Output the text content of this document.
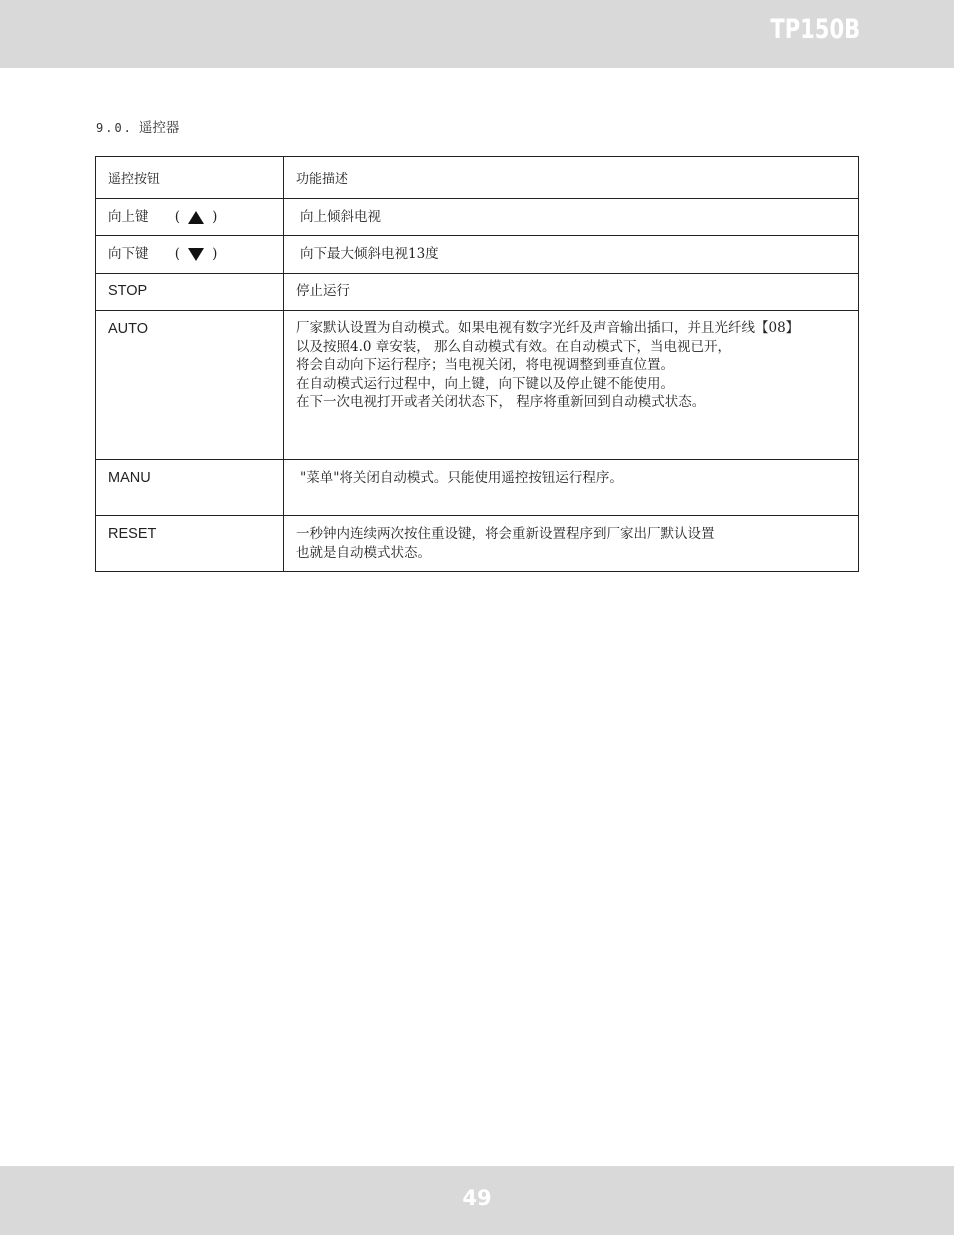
TP150B
9.0. 遥控器
遥控按钮	功能描述

向上键 ( )	向上倾斜电视

向下键 ( )	向下最大倾斜电视13度

STOP	停止运行

AUTO	厂家默认设置为自动模式。如果电视有数字光纤及声音输出插口，并且光纤线【08】
以及按照4.0 章安装， 那么自动模式有效。在自动模式下，当电视已开，
将会自动向下运行程序；当电视关闭，将电视调整到垂直位置。
在自动模式运行过程中，向上键，向下键以及停止键不能使用。
在下一次电视打开或者关闭状态下， 程序将重新回到自动模式状态。

MANU	"菜单"将关闭自动模式。只能使用遥控按钮运行程序。

RESET	一秒钟内连续两次按住重设键，将会重新设置程序到厂家出厂默认设置
也就是自动模式状态。
49
